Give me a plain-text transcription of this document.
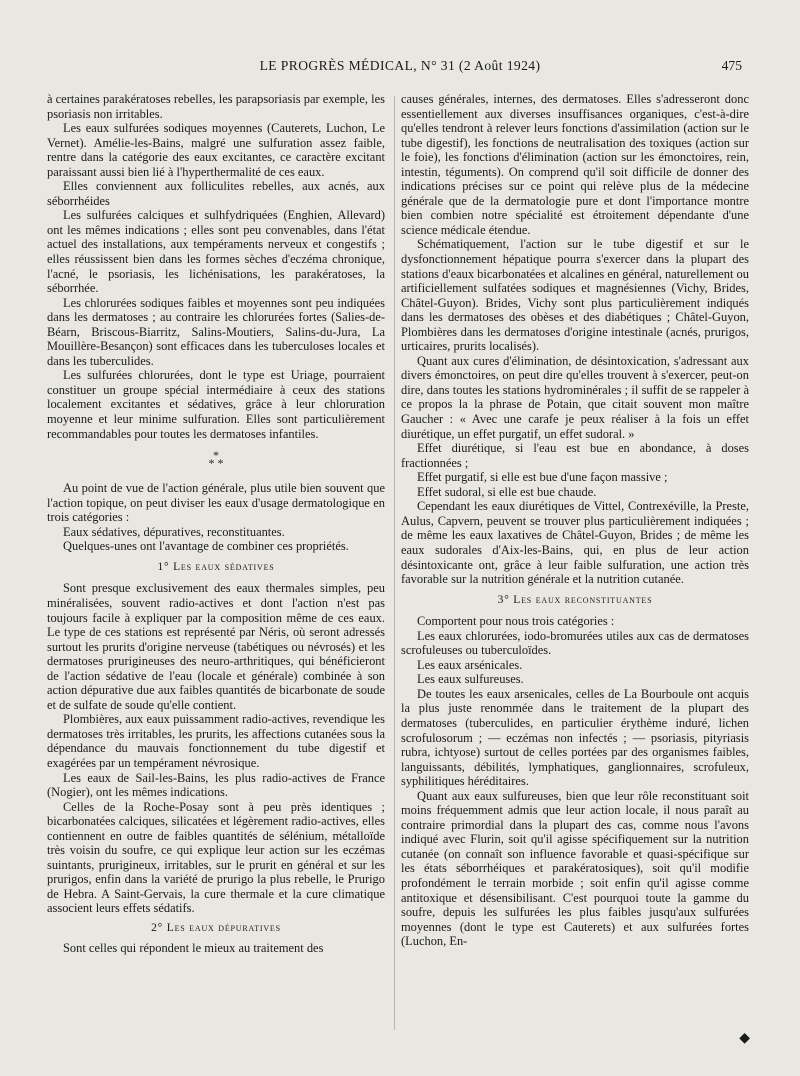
LE PROGRÈS MÉDICAL, N° 31 (2 Août 1924)	475

à certaines parakératoses rebelles, les parapsoriasis par exemple, les psoriasis non irritables.

Les eaux sulfurées sodiques moyennes (Cauterets, Luchon, Le Vernet). Amélie-les-Bains, malgré une sulfuration assez faible, rentre dans la catégorie des eaux excitantes, ce caractère excitant paraissant aussi bien lié à l'hyperthermalité de ces eaux.

Elles conviennent aux folliculites rebelles, aux acnés, aux séborrhéides

Les sulfurées calciques et sulhfydriquées (Enghien, Allevard) ont les mêmes indications ; elles sont peu convenables, dans l'état actuel des installations, aux tempéraments nerveux et congestifs ; elles réussissent bien dans les formes sèches d'eczéma chronique, l'acné, le psoriasis, les lichénisations, les parakératoses, la séborrhée.

Les chlorurées sodiques faibles et moyennes sont peu indiquées dans les dermatoses ; au contraire les chlorurées fortes (Salies-de-Béarn, Briscous-Biarritz, Salins-Moutiers, Salins-du-Jura, La Mouillère-Besançon) sont efficaces dans les tuberculoses locales et dans les tuberculides.

Les sulfurées chlorurées, dont le type est Uriage, pourraient constituer un groupe spécial intermédiaire à ceux des stations localement excitantes et sédatives, grâce à leur chloruration moyenne et leur minime sulfuration. Elles sont particulièrement recommandables pour toutes les dermatoses infantiles.

*
* *

Au point de vue de l'action générale, plus utile bien souvent que l'action topique, on peut diviser les eaux d'usage dermatologique en trois catégories :

Eaux sédatives, dépuratives, reconstituantes.

Quelques-unes ont l'avantage de combiner ces propriétés.

1° Les eaux sédatives

Sont presque exclusivement des eaux thermales simples, peu minéralisées, souvent radio-actives et dont l'action n'est pas toujours facile à expliquer par la composition même de ces eaux. Le type de ces stations est représenté par Néris, où seront adressés surtout les prurits d'origine nerveuse (tabétiques ou névrosés) et les dermatoses prurigineuses des neuro-arthritiques, qui bénéficieront de l'action sédative de l'eau (locale et générale) combinée à son action dépurative due aux faibles quantités de bicarbonate de soude et de sulfate de soude qu'elle contient.

Plombières, aux eaux puissamment radio-actives, revendique les dermatoses très irritables, les prurits, les affections cutanées sous la dépendance du mauvais fonctionnement du tube digestif et exagérées par un tempérament névrosique.

Les eaux de Sail-les-Bains, les plus radio-actives de France (Nogier), ont les mêmes indications.

Celles de la Roche-Posay sont à peu près identiques ; bicarbonatées calciques, silicatées et légèrement radio-actives, elles contiennent en outre de faibles quantités de sélénium, métalloïde très voisin du soufre, ce qui explique leur action sur les eczémas suintants, prurigineux, irritables, sur le prurit en général et sur les prurigos, enfin dans la variété de prurigo la plus rebelle, le Prurigo de Hebra. A Saint-Gervais, la cure thermale et la cure climatique associent leurs effets sédatifs.

2° Les eaux dépuratives

Sont celles qui répondent le mieux au traitement des

causes générales, internes, des dermatoses. Elles s'adresseront donc essentiellement aux diverses insuffisances organiques, c'est-à-dire qu'elles tendront à relever leurs fonctions d'assimilation (action sur le tube digestif), les fonctions de neutralisation des toxiques (action sur le foie), les fonctions d'élimination (action sur les émonctoires, rein, intestin, téguments). On comprend qu'il soit difficile de donner des indications précises sur ce point qui relève plus de la médecine générale que de la dermatologie pure et dont l'importance montre bien combien notre spécialité est étroitement dépendante d'une science médicale étendue.

Schématiquement, l'action sur le tube digestif et sur le dysfonctionnement hépatique pourra s'exercer dans la plupart des stations d'eaux bicarbonatées et alcalines en général, naturellement ou artificiellement sulfatées sodiques et magnésiennes (Vichy, Brides, Châtel-Guyon). Brides, Vichy sont plus particulièrement indiqués dans les dermatoses des obèses et des diabétiques ; Châtel-Guyon, Plombières dans les dermatoses d'origine intestinale (acnés, prurigos, urticaires, prurits localisés).

Quant aux cures d'élimination, de désintoxication, s'adressant aux divers émonctoires, on peut dire qu'elles trouvent à s'exercer, peut-on dire, dans toutes les stations hydrominérales ; il suffit de se rappeler à ce propos la la phrase de Potain, que citait souvent mon maître Gaucher : « Avec une carafe je peux réaliser à la fois un effet diurétique, un effet purgatif, un effet sudoral. »

Effet diurétique, si l'eau est bue en abondance, à doses fractionnées ;

Effet purgatif, si elle est bue d'une façon massive ;

Effet sudoral, si elle est bue chaude.

Cependant les eaux diurétiques de Vittel, Contrexéville, la Preste, Aulus, Capvern, peuvent se trouver plus particulièrement indiquées ; de même les eaux laxatives de Châtel-Guyon, Brides ; de même les eaux sudorales d'Aix-les-Bains, qui, en plus de leur action désintoxicante ont, grâce à leur faible sulfuration, une action très favorable sur la nutrition générale et la nutrition cutanée.

3° Les eaux reconstituantes

Comportent pour nous trois catégories :

Les eaux chlorurées, iodo-bromurées utiles aux cas de dermatoses scrofuleuses ou tuberculoïdes.

Les eaux arsénicales.

Les eaux sulfureuses.

De toutes les eaux arsenicales, celles de La Bourboule ont acquis la plus juste renommée dans le traitement de la plupart des dermatoses (tuberculides, en particulier érythème induré, lichen scrofulosorum ; — eczémas non infectés ; — psoriasis, pityriasis rubra, ichtyose) surtout de celles portées par des organismes faibles, languissants, débilités, lymphatiques, ganglionnaires, scrofuleux, syphilitiques héréditaires.

Quant aux eaux sulfureuses, bien que leur rôle reconstituant soit moins fréquemment admis que leur action locale, il nous paraît au contraire primordial dans la plupart des cas, comme nous l'avons indiqué avec Flurin, soit qu'il agisse spécifiquement sur la nutrition cutanée (on connaît son influence favorable et quasi-spécifique sur les états séborrhéiques et parakératosiques), soit qu'il modifie profondément le terrain morbide ; soit enfin qu'il agisse comme antitoxique et désensibilisant. C'est pourquoi toute la gamme du soufre, depuis les sulfurées les plus faibles jusqu'aux sulfurées moyennes (dont le type est Cauterets) et aux sulfurées fortes (Luchon, En-

◆
